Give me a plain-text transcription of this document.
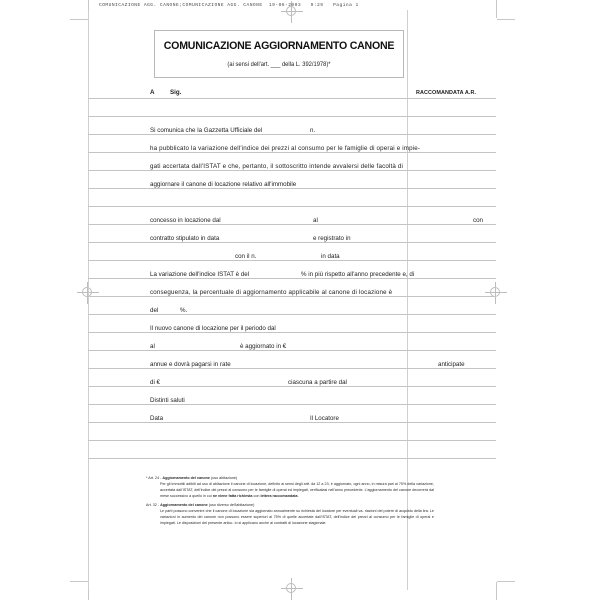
COMUNICAZIONE AGG. CANONE;COMUNICAZIONE AGG. CANONE  19-06-2003   9:29   Pagina 1
COMUNICAZIONE AGGIORNAMENTO CANONE
(ai sensi dell'art. ___ della L. 392/1978)*
A Sig.	RACCOMANDATA A.R.
Si comunica che la Gazzetta Ufficiale del	n.
ha pubblicato la variazione dell'indice dei prezzi al consumo per le famiglie di operai e impie-
gati accertata dall'ISTAT e che, pertanto, il sottoscritto intende avvalersi delle facoltà di
aggiornare il canone di locazione relativo all'immobile
concesso in locazione dal	al	con
contratto stipulato in data	e registrato in
con il n.	in data
La variazione dell'indice ISTAT è del	% in più rispetto all'anno precedente e, di
conseguenza, la percentuale di aggiornamento applicabile al canone di locazione è
del	%.
Il nuovo canone di locazione per il periodo dal
al	è aggiornato in €
annue e dovrà pagarsi in rate	anticipate
di €	ciascuna a partire dal
Distinti saluti
Data	Il Locatore
* Art. 24 - Aggiornamento del canone (uso abitazione)
Per gli immobili adibiti ad uso di abitazione il canone di locazione, definito ai sensi degli artt. da 12 a 23, è aggiornato, ogni anno, in misura pari al 75% della variazione, accertata dall'ISTAT, dell'indice dei prezzi al consumo per le famiglie di operai ed impiegati, verificatasi nell'anno precedente. L'aggiornamento del canone decorrerà dal mese successivo a quello in cui ne viene fatta richiesta con lettera raccomandata.
Art. 32 - Aggiornamento del canone (uso diverso dell'abitazione)
Le parti possono convenire che il canone di locazione sia aggiornato annualmente su richiesta del locatore per eventuali va- riazioni del potere di acquisto della lira. Le variazioni in aumento del canone non possono essere superiori al 75% di quelle accertate dall'ISTAT, dell'indice dei prezzi al consumo per le famiglie di operai e impiegati. Le disposizioni del presente artico- lo si applicano anche ai contratti di locazione stagionale.
